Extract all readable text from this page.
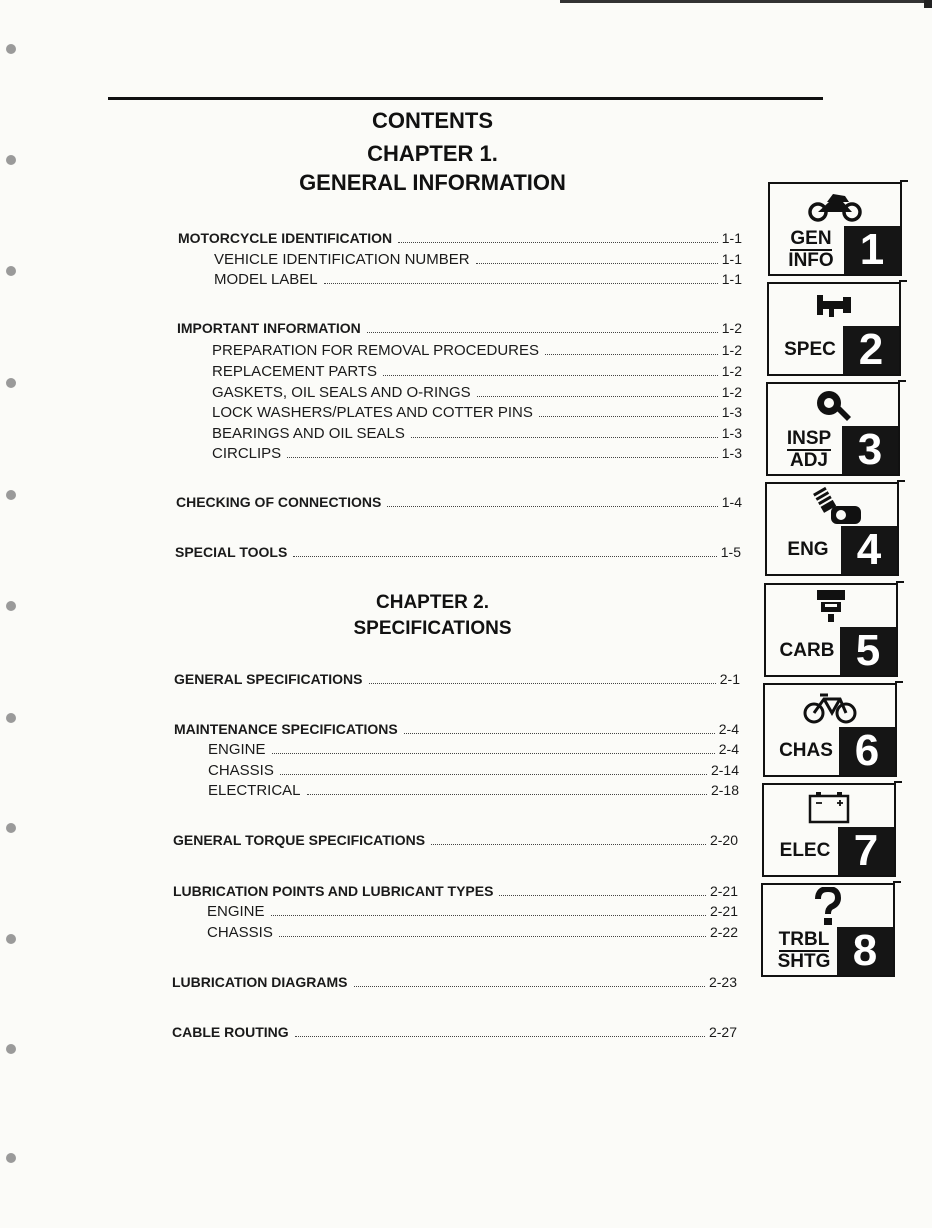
CONTENTS
CHAPTER 1.
GENERAL INFORMATION
MOTORCYCLE IDENTIFICATION	1-1
VEHICLE IDENTIFICATION NUMBER	1-1
MODEL LABEL	1-1
IMPORTANT INFORMATION	1-2
PREPARATION FOR REMOVAL PROCEDURES	1-2
REPLACEMENT PARTS	1-2
GASKETS, OIL SEALS AND O-RINGS	1-2
LOCK WASHERS/PLATES AND COTTER PINS	1-3
BEARINGS AND OIL SEALS	1-3
CIRCLIPS	1-3
CHECKING OF CONNECTIONS	1-4
SPECIAL TOOLS	1-5
CHAPTER 2.
SPECIFICATIONS
GENERAL SPECIFICATIONS	2-1
MAINTENANCE SPECIFICATIONS	2-4
ENGINE	2-4
CHASSIS	2-14
ELECTRICAL	2-18
GENERAL TORQUE SPECIFICATIONS	2-20
LUBRICATION POINTS AND LUBRICANT TYPES	2-21
ENGINE	2-21
CHASSIS	2-22
LUBRICATION DIAGRAMS	2-23
CABLE ROUTING	2-27
GEN
INFO 1
SPEC 2
INSP
ADJ 3
ENG 4
CARB 5
CHAS 6
ELEC 7
TRBL
SHTG 8
